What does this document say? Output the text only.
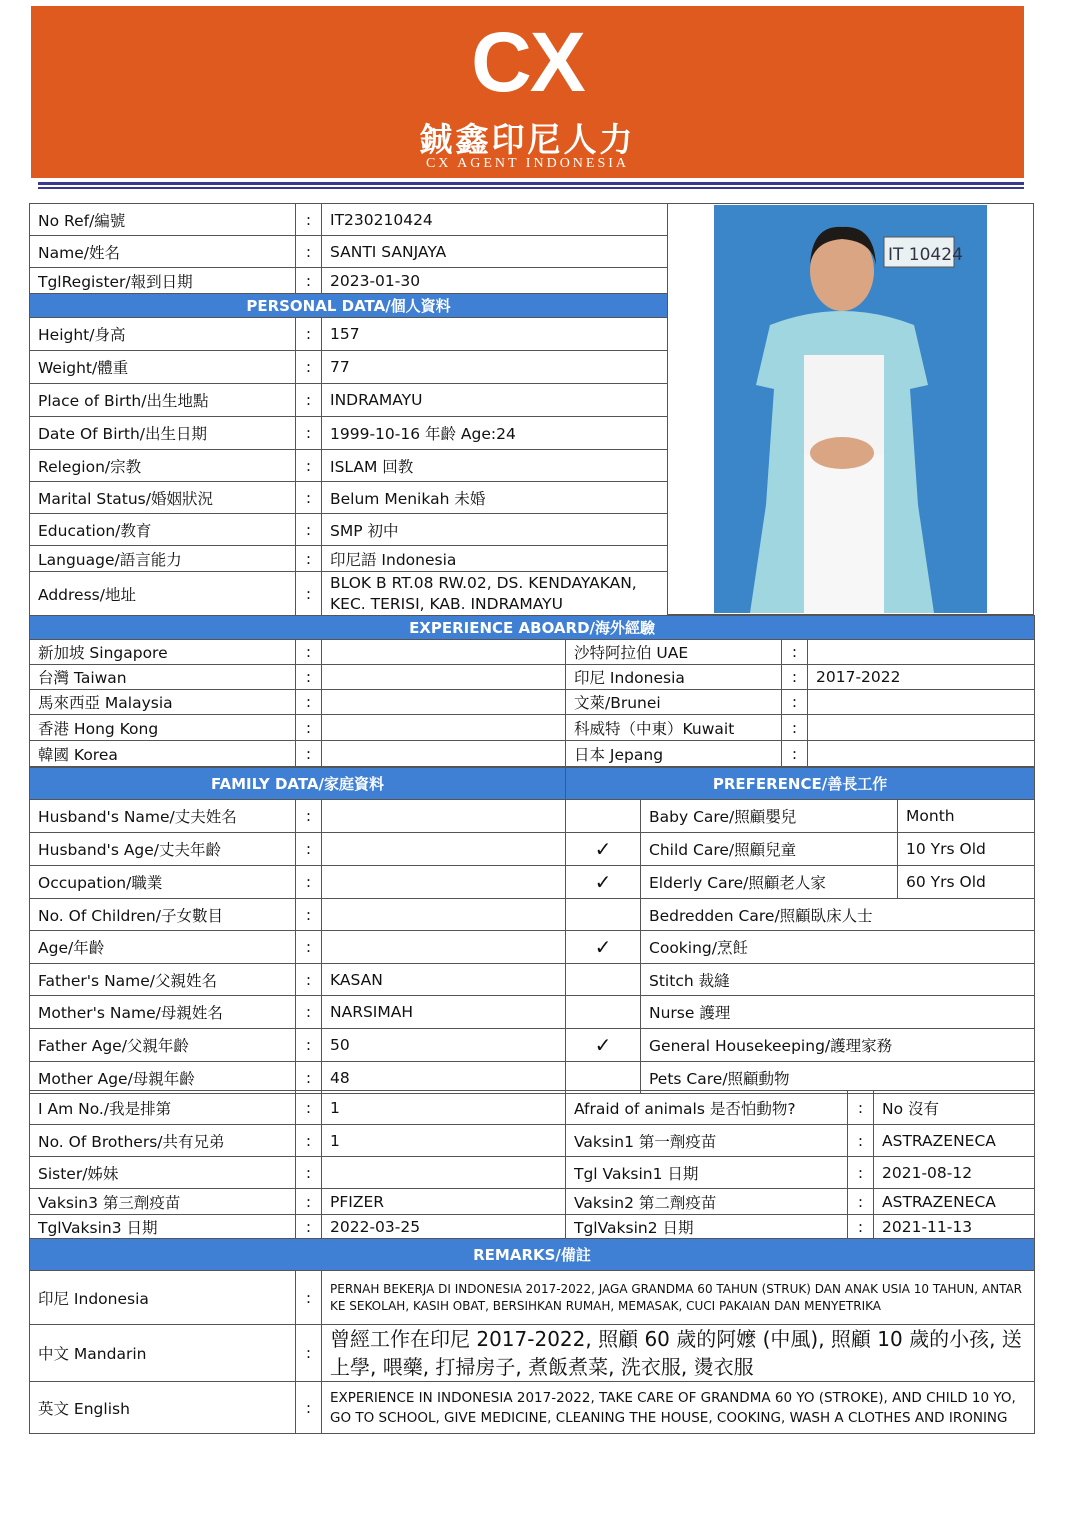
CX
鋮鑫印尼人力
CX AGENT INDONESIA
No Ref/編號	:	IT230210424
Name/姓名	:	SANTI SANJAYA
TglRegister/報到日期	:	2023-01-30
PERSONAL DATA/個人資料		
Height/身高	:	157
Weight/體重	:	77
Place of Birth/出生地點	:	INDRAMAYU
Date Of Birth/出生日期	:	1999-10-16 年齡 Age:24
Relegion/宗教	:	ISLAM 回教
Marital Status/婚姻狀況	:	Belum Menikah 未婚
Education/教育	:	SMP 初中
Language/語言能力	:	印尼語 Indonesia
Address/地址	:	BLOK B RT.08 RW.02, DS. KENDAYAKAN, KEC. TERISI, KAB. INDRAMAYU
IT 10424
EXPERIENCE ABOARD/海外經驗					
新加坡 Singapore	:		沙特阿拉伯 UAE	:	
台灣 Taiwan	:		印尼 Indonesia	:	2017-2022
馬來西亞 Malaysia	:		文萊/Brunei	:	
香港 Hong Kong	:		科威特（中東）Kuwait	:	
韓國 Korea	:		日本 Jepang	:	
FAMILY DATA/家庭資料			PREFERENCE/善長工作		
Husband's Name/丈夫姓名	:			Baby Care/照顧嬰兒	Month
Husband's Age/丈夫年齡	:		✓	Child Care/照顧兒童	10 Yrs Old
Occupation/職業	:		✓	Elderly Care/照顧老人家	60 Yrs Old
No. Of Children/子女數目	:			Bedredden Care/照顧臥床人士	
Age/年齡	:		✓	Cooking/烹飪	
Father's Name/父親姓名	:	KASAN		Stitch 裁縫	
Mother's Name/母親姓名	:	NARSIMAH		Nurse 護理	
Father Age/父親年齡	:	50	✓	General Housekeeping/護理家務	
Mother Age/母親年齡	:	48		Pets Care/照顧動物	
I Am No./我是排第	:	1	Afraid of animals 是否怕動物?	:	No 沒有
No. Of Brothers/共有兄弟	:	1	Vaksin1 第一劑疫苗	:	ASTRAZENECA
Sister/姊妹	:		Tgl Vaksin1 日期	:	2021-08-12
Vaksin3 第三劑疫苗	:	PFIZER	Vaksin2 第二劑疫苗	:	ASTRAZENECA
TglVaksin3 日期	:	2022-03-25	TglVaksin2 日期	:	2021-11-13
REMARKS/備註		
印尼 Indonesia	:	PERNAH BEKERJA DI INDONESIA 2017-2022, JAGA GRANDMA 60 TAHUN (STRUK) DAN ANAK USIA 10 TAHUN, ANTAR KE SEKOLAH, KASIH OBAT, BERSIHKAN RUMAH, MEMASAK, CUCI PAKAIAN DAN MENYETRIKA
中文 Mandarin	:	曾經工作在印尼 2017-2022, 照顧 60 歲的阿嬤 (中風), 照顧 10 歲的小孩, 送上學, 喂藥, 打掃房子, 煮飯煮菜, 洗衣服, 燙衣服
英文 English	:	EXPERIENCE IN INDONESIA 2017-2022, TAKE CARE OF GRANDMA 60 YO (STROKE), AND CHILD 10 YO, GO TO SCHOOL, GIVE MEDICINE, CLEANING THE HOUSE, COOKING, WASH A CLOTHES AND IRONING
